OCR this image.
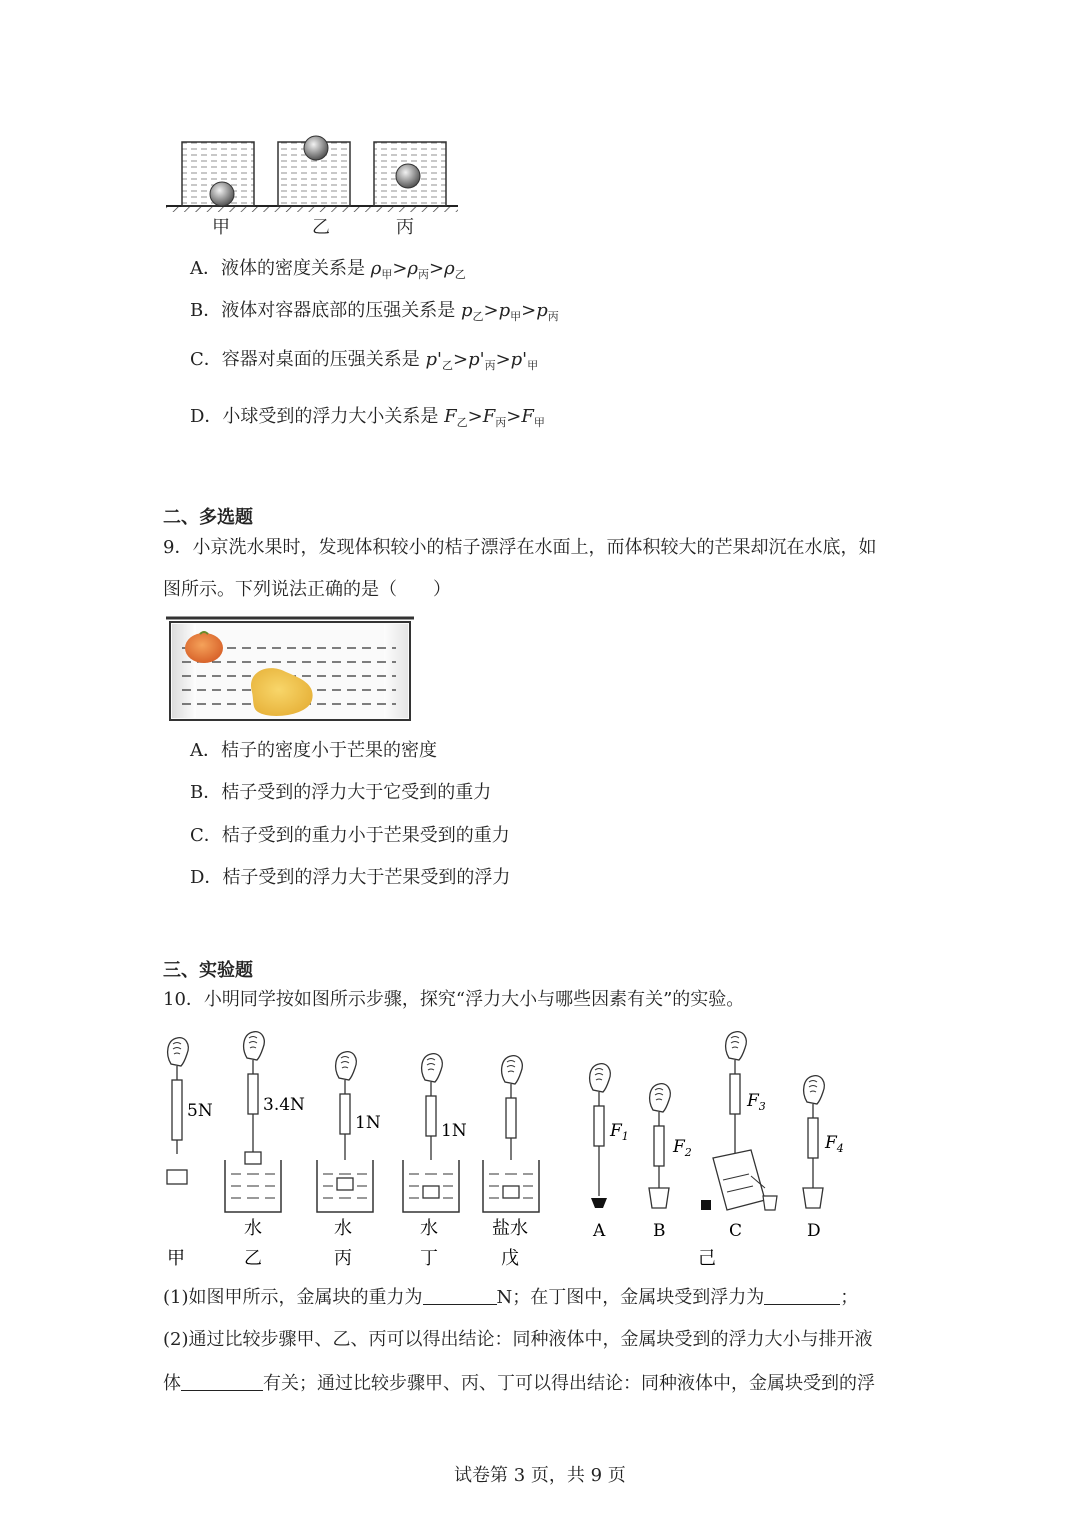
甲	乙	丙
A．液体的密度关系是 $\rho_甲>\rho_丙>\rho_乙$
B．液体对容器底部的压强关系是 $p_乙>p_甲>p_丙$
C．容器对桌面的压强关系是 $p'_乙>p'_丙>p'_甲$
D．小球受到的浮力大小关系是 $F_乙>F_丙>F_甲$
二、多选题
9．小京洗水果时，发现体积较小的桔子漂浮在水面上，而体积较大的芒果却沉在水底，如
图所示。下列说法正确的是（　　）
A．桔子的密度小于芒果的密度
B．桔子受到的浮力大于它受到的重力
C．桔子受到的重力小于芒果受到的重力
D．桔子受到的浮力大于芒果受到的浮力
三、实验题
10．小明同学按如图所示步骤，探究“浮力大小与哪些因素有关”的实验。
5N	3.4N
1N	1N	$F_1$
$F_2$
$F_3$
$F_4$
水	水	水	盐水	A	B	C	D
甲	乙	丙	丁	戊	己
(1)如图甲所示，金属块的重力为	N；在丁图中，金属块受到浮力为	；
(2)通过比较步骤甲、乙、丙可以得出结论：同种液体中，金属块受到的浮力大小与排开液
体	有关；通过比较步骤甲、丙、丁可以得出结论：同种液体中，金属块受到的浮
试卷第 3 页，共 9 页
